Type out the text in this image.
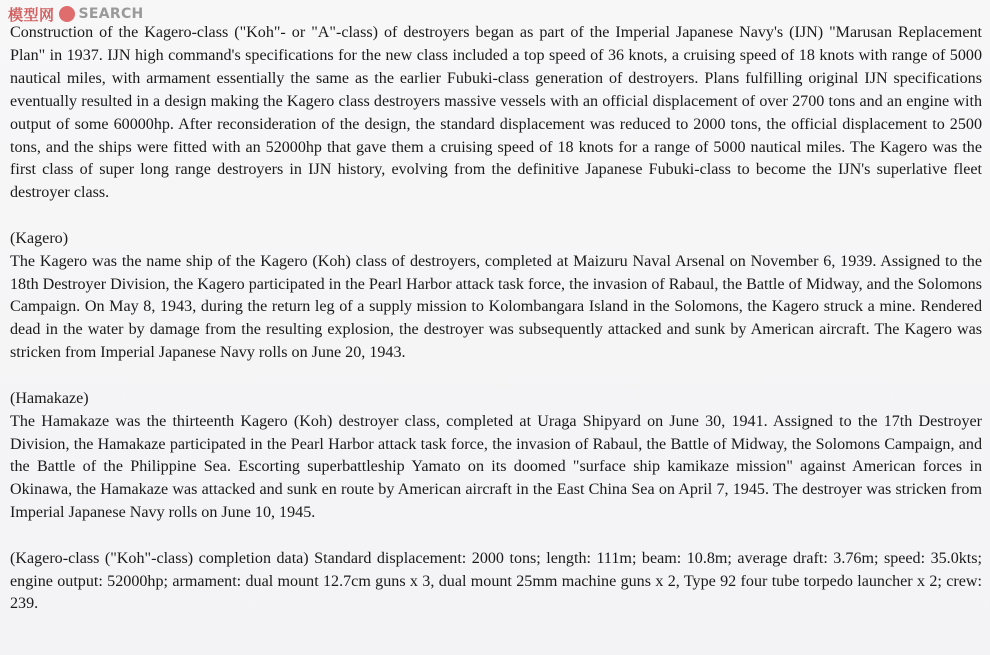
模型网 SEARCH

Construction of the Kagero-class ("Koh"- or "A"-class) of destroyers began as part of the Imperial Japanese Navy's (IJN) "Marusan Replacement Plan" in 1937. IJN high command's specifications for the new class included a top speed of 36 knots, a cruising speed of 18 knots with range of 5000 nautical miles, with armament essentially the same as the earlier Fubuki-class generation of destroyers. Plans fulfilling original IJN specifications eventually resulted in a design making the Kagero class destroyers massive vessels with an official displacement of over 2700 tons and an engine with output of some 60000hp. After reconsideration of the design, the standard displacement was reduced to 2000 tons, the official displacement to 2500 tons, and the ships were fitted with an 52000hp that gave them a cruising speed of 18 knots for a range of 5000 nautical miles. The Kagero was the first class of super long range destroyers in IJN history, evolving from the definitive Japanese Fubuki-class to become the IJN's superlative fleet destroyer class.

(Kagero)

The Kagero was the name ship of the Kagero (Koh) class of destroyers, completed at Maizuru Naval Arsenal on November 6, 1939. Assigned to the 18th Destroyer Division, the Kagero participated in the Pearl Harbor attack task force, the invasion of Rabaul, the Battle of Midway, and the Solomons Campaign. On May 8, 1943, during the return leg of a supply mission to Kolombangara Island in the Solomons, the Kagero struck a mine. Rendered dead in the water by damage from the resulting explosion, the destroyer was subsequently attacked and sunk by American aircraft. The Kagero was stricken from Imperial Japanese Navy rolls on June 20, 1943.

(Hamakaze)

The Hamakaze was the thirteenth Kagero (Koh) destroyer class, completed at Uraga Shipyard on June 30, 1941. Assigned to the 17th Destroyer Division, the Hamakaze participated in the Pearl Harbor attack task force, the invasion of Rabaul, the Battle of Midway, the Solomons Campaign, and the Battle of the Philippine Sea. Escorting superbattleship Yamato on its doomed "surface ship kamikaze mission" against American forces in Okinawa, the Hamakaze was attacked and sunk en route by American aircraft in the East China Sea on April 7, 1945. The destroyer was stricken from Imperial Japanese Navy rolls on June 10, 1945.

(Kagero-class ("Koh"-class) completion data) Standard displacement: 2000 tons; length: 111m; beam: 10.8m; average draft: 3.76m; speed: 35.0kts; engine output: 52000hp; armament: dual mount 12.7cm guns x 3, dual mount 25mm machine guns x 2, Type 92 four tube torpedo launcher x 2; crew: 239.
